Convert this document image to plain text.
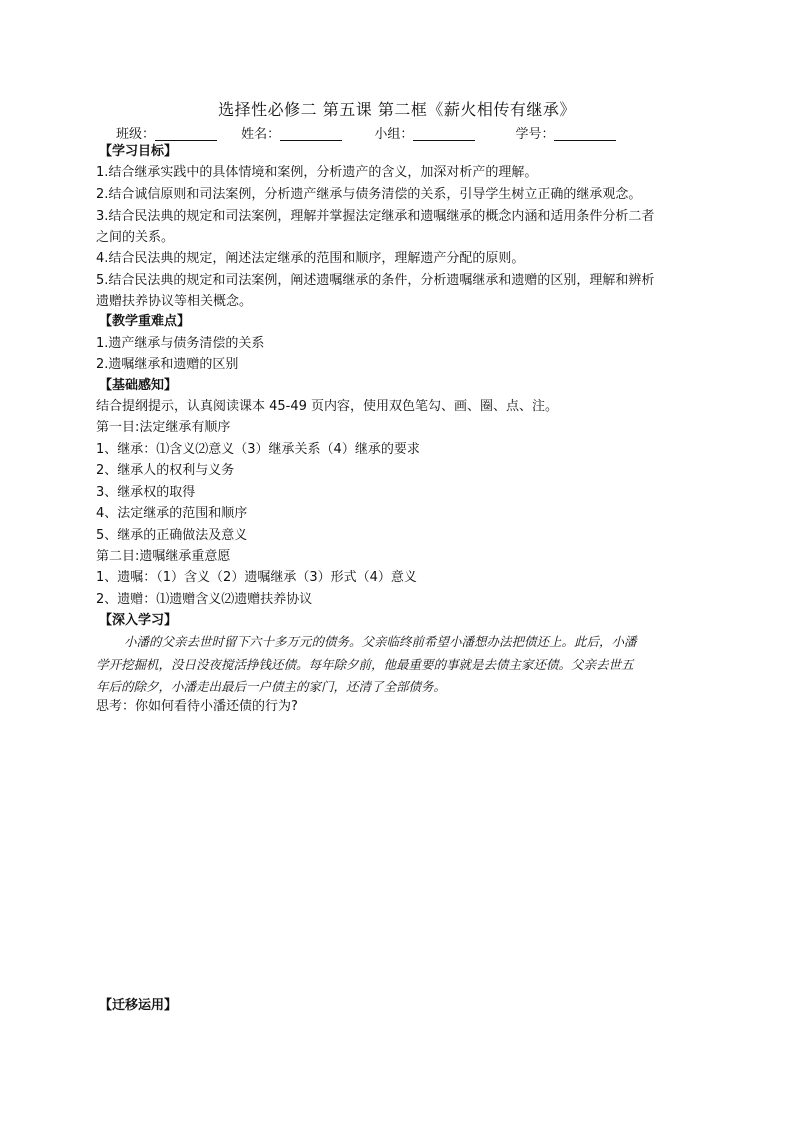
选择性必修二 第五课 第二框《薪火相传有继承》
班级：	姓名：	小组：	学号：
【学习目标】
1.结合继承实践中的具体情境和案例，分析遗产的含义，加深对析产的理解。
2.结合诚信原则和司法案例，分析遗产继承与债务清偿的关系，引导学生树立正确的继承观念。
3.结合民法典的规定和司法案例，理解并掌握法定继承和遗嘱继承的概念内涵和适用条件分析二者
之间的关系。
4.结合民法典的规定，阐述法定继承的范围和顺序，理解遗产分配的原则。
5.结合民法典的规定和司法案例，阐述遗嘱继承的条件，分析遗嘱继承和遗赠的区别，理解和辨析
遗赠扶养协议等相关概念。
【教学重难点】
1.遗产继承与债务清偿的关系
2.遗嘱继承和遗赠的区别
【基础感知】
结合提纲提示，认真阅读课本 45-49 页内容，使用双色笔勾、画、圈、点、注。
第一目:法定继承有顺序
1、继承：⑴含义⑵意义（3）继承关系（4）继承的要求
2、继承人的权利与义务
3、继承权的取得
4、法定继承的范围和顺序
5、继承的正确做法及意义
第二目:遗嘱继承重意愿
1、遗嘱：（1）含义（2）遗嘱继承（3）形式（4）意义
2、遗赠：⑴遗赠含义⑵遗赠扶养协议
【深入学习】
小潘的父亲去世时留下六十多万元的债务。父亲临终前希望小潘想办法把债还上。此后，小潘
学开挖掘机，没日没夜搅活挣钱还债。每年除夕前，他最重要的事就是去债主家还债。父亲去世五
年后的除夕，小潘走出最后一户债主的家门，还清了全部债务。
思考：你如何看待小潘还债的行为?
【迁移运用】
